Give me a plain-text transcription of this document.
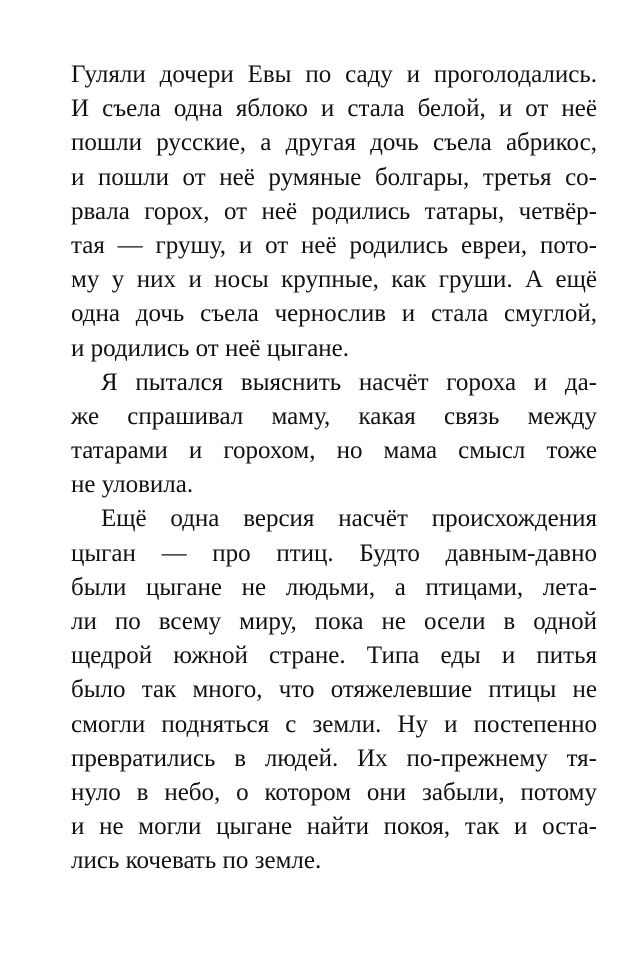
Гуляли дочери Евы по саду и проголодались.
И съела одна яблоко и стала белой, и от неё
пошли русские, а другая дочь съела абрикос,
и пошли от неё румяные болгары, третья со-
рвала горох, от неё родились татары, четвёр-
тая — грушу, и от неё родились евреи, пото-
му у них и носы крупные, как груши. А ещё
одна дочь съела чернослив и стала смуглой,
и родились от неё цыгане.
Я пытался выяснить насчёт гороха и да-
же спрашивал маму, какая связь между
татарами и горохом, но мама смысл тоже
не уловила.
Ещё одна версия насчёт происхождения
цыган — про птиц. Будто давным-давно
были цыгане не людьми, а птицами, лета-
ли по всему миру, пока не осели в одной
щедрой южной стране. Типа еды и питья
было так много, что отяжелевшие птицы не
смогли подняться с земли. Ну и постепенно
превратились в людей. Их по-прежнему тя-
нуло в небо, о котором они забыли, потому
и не могли цыгане найти покоя, так и оста-
лись кочевать по земле.
